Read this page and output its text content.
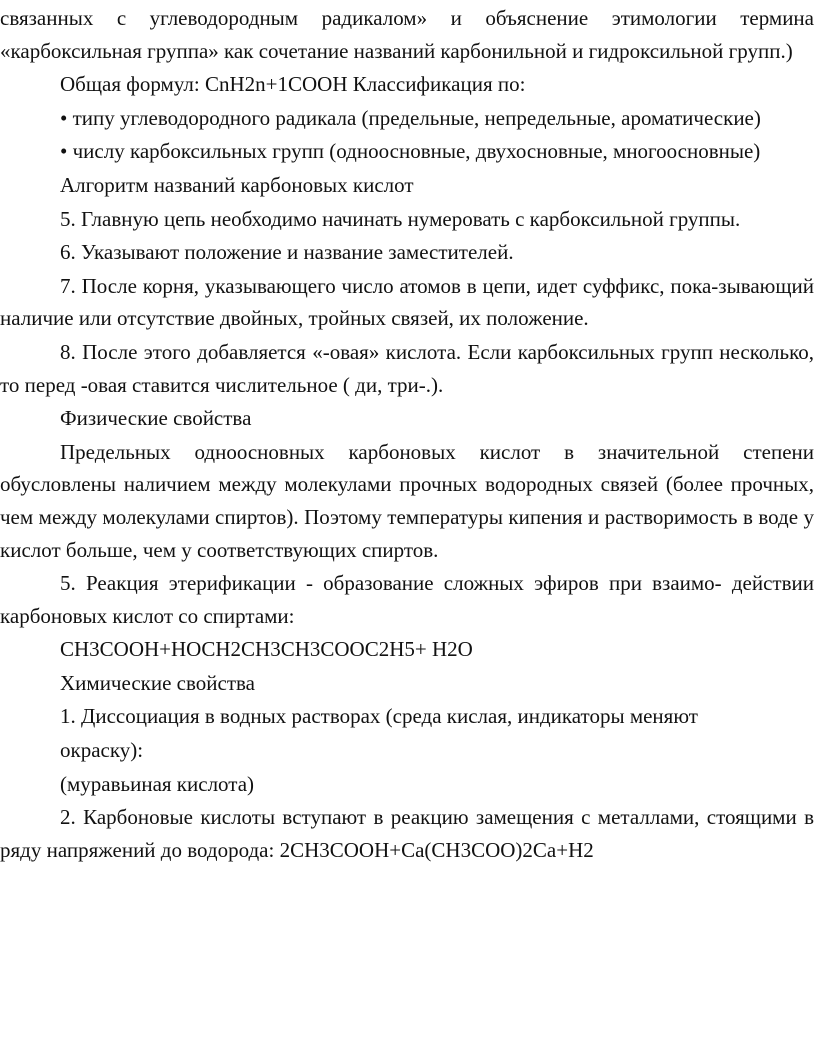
связанных с углеводородным радикалом» и объяснение этимологии термина «карбоксильная группа» как сочетание названий карбонильной и гидроксильной групп.)

Общая формул: CnH2n+1COOH Классификация по:

• типу углеводородного радикала (предельные, непредельные, ароматические)

• числу карбоксильных групп (одноосновные, двухосновные, многоосновные)

Алгоритм названий карбоновых кислот

5. Главную цепь необходимо начинать нумеровать с карбоксильной группы.

6. Указывают положение и название заместителей.

7. После корня, указывающего число атомов в цепи, идет суффикс, пока-зывающий наличие или отсутствие двойных, тройных связей, их положение.

8. После этого добавляется «-овая» кислота. Если карбоксильных групп несколько, то перед -овая ставится числительное ( ди, три-.).

Физические свойства

Предельных одноосновных карбоновых кислот в значительной степени обусловлены наличием между молекулами прочных водородных связей (более прочных, чем между молекулами спиртов). Поэтому температуры кипения и растворимость в воде у кислот больше, чем у соответствующих спиртов.

5. Реакция этерификации - образование сложных эфиров при взаимо- действии карбоновых кислот со спиртами:

CH3COOH+HOCH2CH3CH3COOC2H5+ H2O

Химические свойства

1. Диссоциация в водных растворах (среда кислая, индикаторы меняют

окраску):

(муравьиная кислота)

2. Карбоновые кислоты вступают в реакцию замещения с металлами, стоящими в ряду напряжений до водорода: 2CH3COOH+Ca(CH3COO)2Ca+H2
